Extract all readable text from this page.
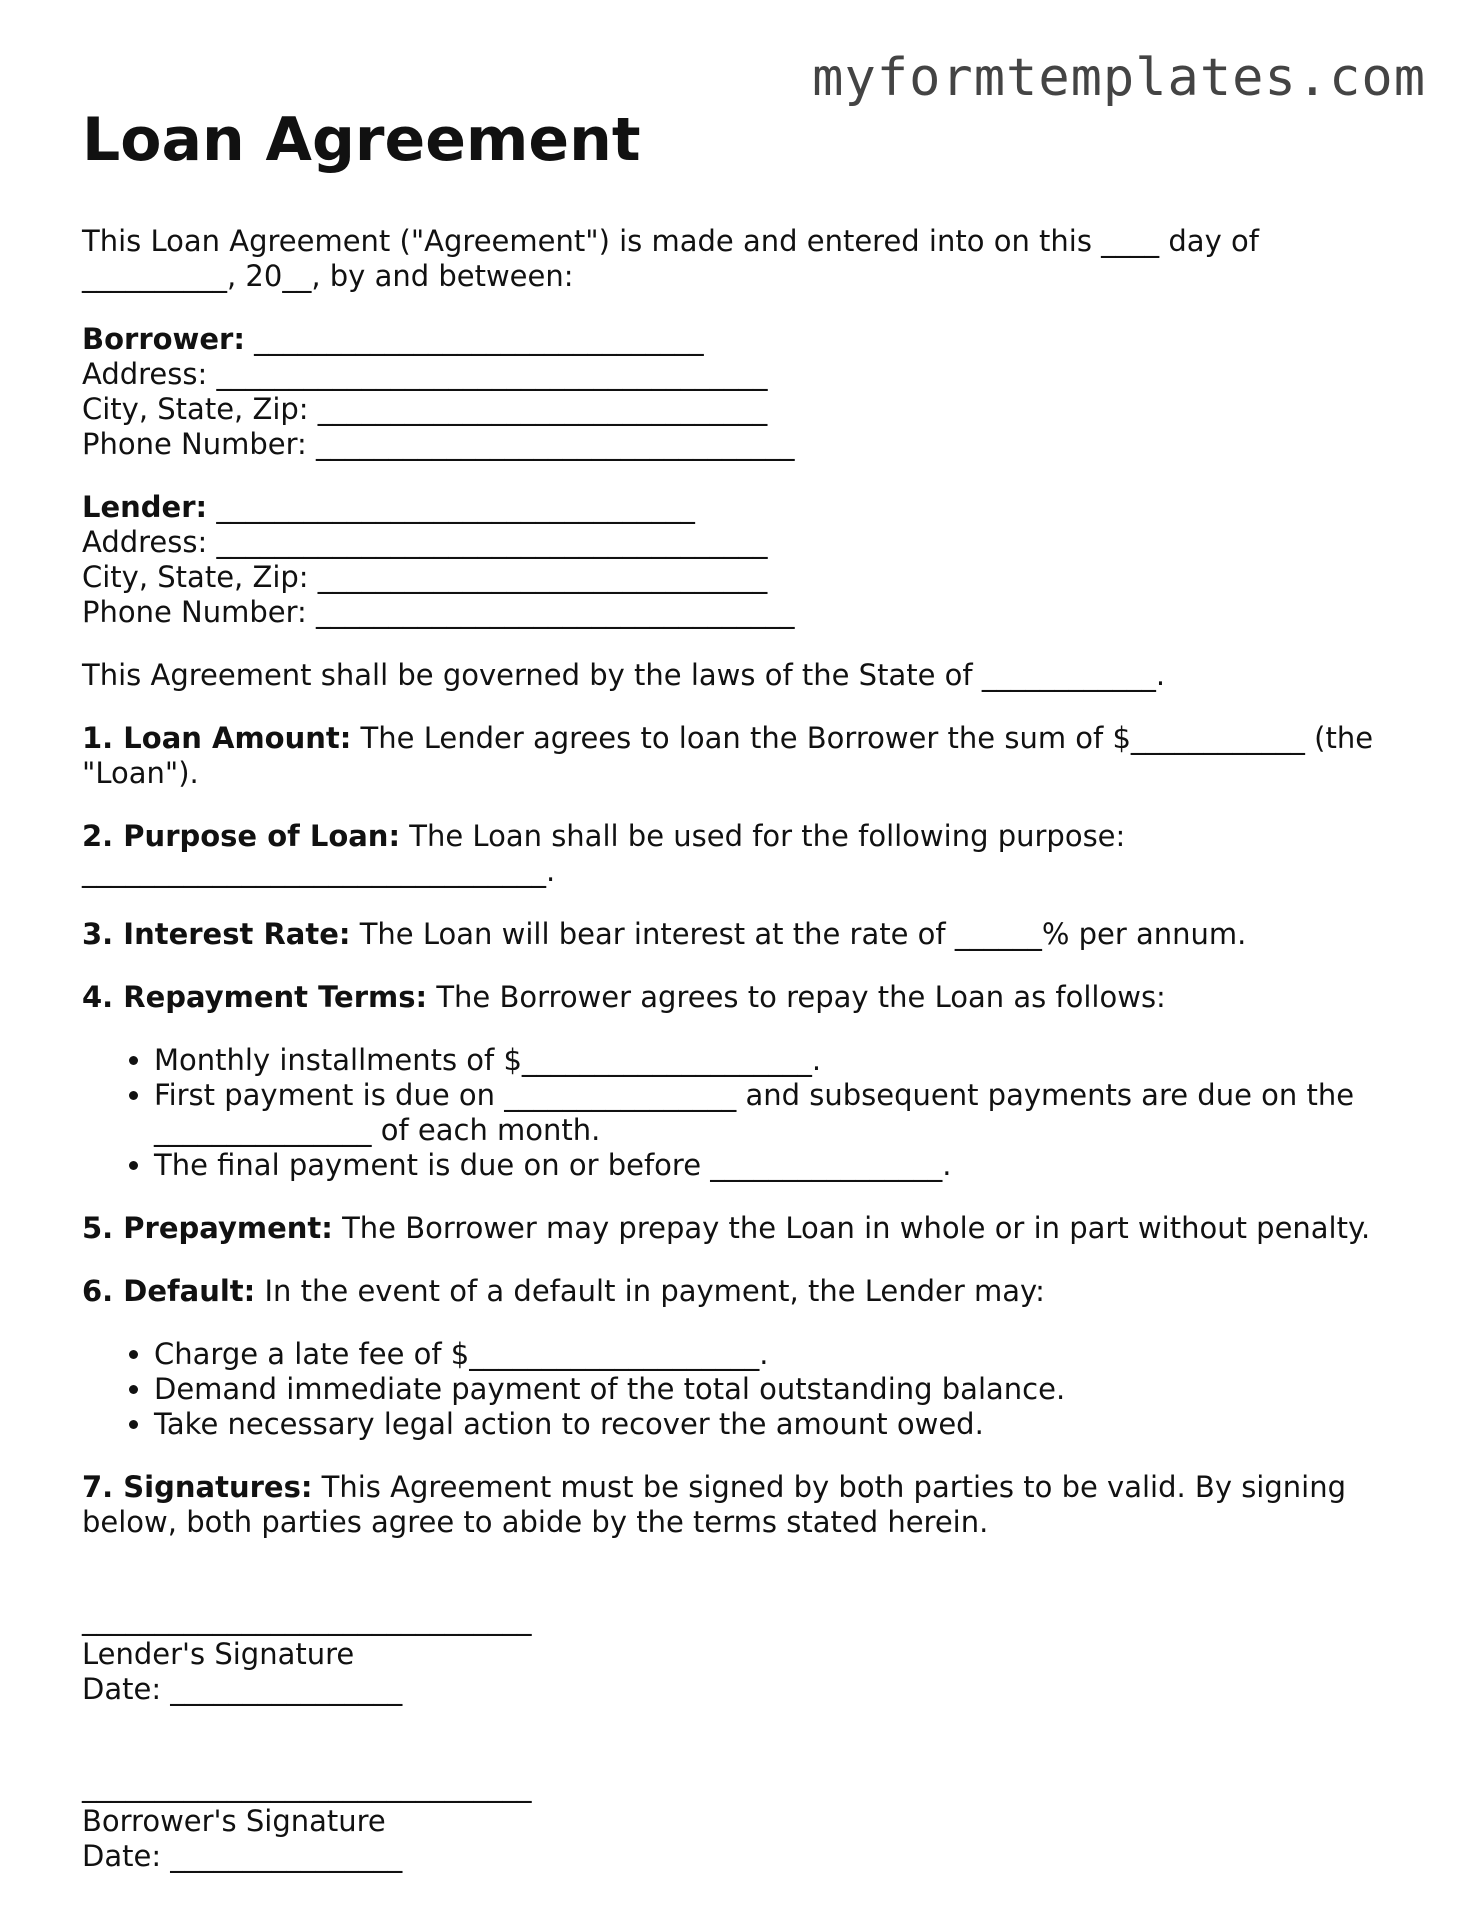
myformtemplates.com
Loan Agreement

This Loan Agreement ("Agreement") is made and entered into on this ____ day of __________, 20__, by and between:

Borrower: _______________________________
Address: ______________________________________
City, State, Zip: _______________________________
Phone Number: _________________________________
Lender: _________________________________
Address: ______________________________________
City, State, Zip: _______________________________
Phone Number: _________________________________

This Agreement shall be governed by the laws of the State of ____________.

1. Loan Amount: The Lender agrees to loan the Borrower the sum of $____________ (the "Loan").

2. Purpose of Loan: The Loan shall be used for the following purpose: ________________________________.

3. Interest Rate: The Loan will bear interest at the rate of ______% per annum.

4. Repayment Terms: The Borrower agrees to repay the Loan as follows:

• Monthly installments of $____________________.
• First payment is due on ________________ and subsequent payments are due on the _______________ of each month.
• The final payment is due on or before ________________.

5. Prepayment: The Borrower may prepay the Loan in whole or in part without penalty.

6. Default: In the event of a default in payment, the Lender may:

• Charge a late fee of $____________________.
• Demand immediate payment of the total outstanding balance.
• Take necessary legal action to recover the amount owed.

7. Signatures: This Agreement must be signed by both parties to be valid. By signing below, both parties agree to abide by the terms stated herein.

_______________________________
Lender's Signature
Date: ________________
_______________________________
Borrower's Signature
Date: ________________
